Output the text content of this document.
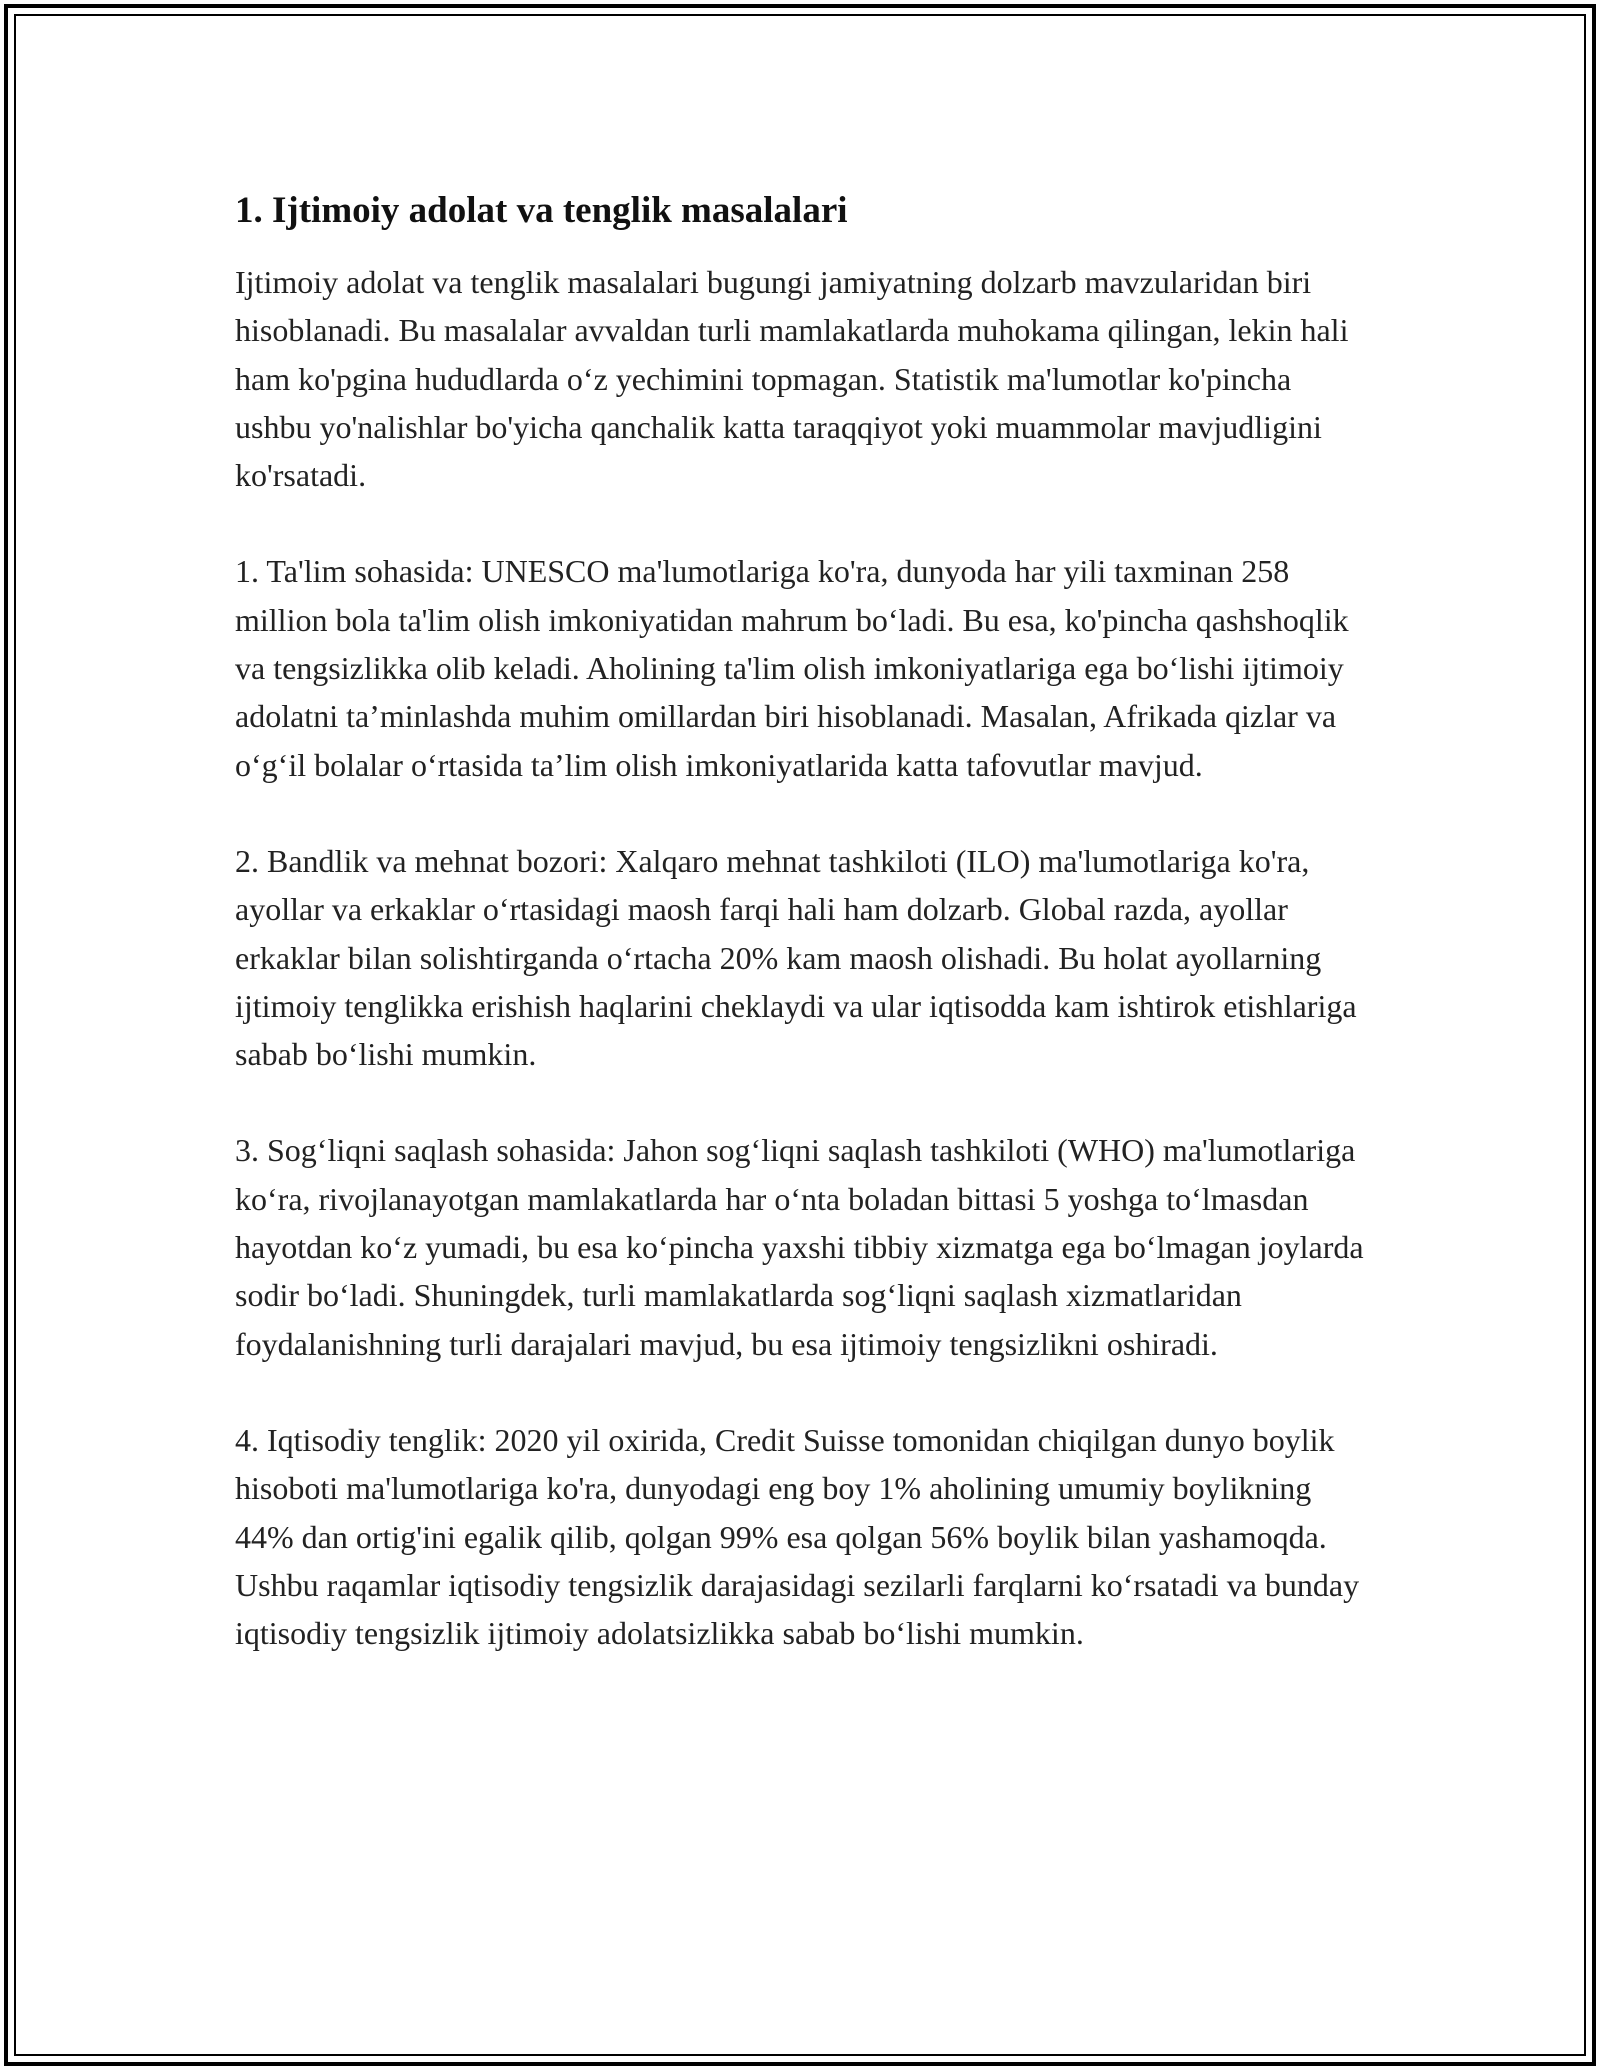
1. Ijtimoiy adolat va tenglik masalalari

Ijtimoiy adolat va tenglik masalalari bugungi jamiyatning dolzarb mavzularidan biri hisoblanadi. Bu masalalar avvaldan turli mamlakatlarda muhokama qilingan, lekin hali ham ko'pgina hududlarda oʻz yechimini topmagan. Statistik ma'lumotlar ko'pincha ushbu yo'nalishlar bo'yicha qanchalik katta taraqqiyot yoki muammolar mavjudligini ko'rsatadi.

1. Ta'lim sohasida: UNESCO ma'lumotlariga ko'ra, dunyoda har yili taxminan 258 million bola ta'lim olish imkoniyatidan mahrum boʻladi. Bu esa, ko'pincha qashshoqlik va tengsizlikka olib keladi. Aholining ta'lim olish imkoniyatlariga ega boʻlishi ijtimoiy adolatni taʼminlashda muhim omillardan biri hisoblanadi. Masalan, Afrikada qizlar va oʻgʻil bolalar oʻrtasida taʼlim olish imkoniyatlarida katta tafovutlar mavjud.

2. Bandlik va mehnat bozori: Xalqaro mehnat tashkiloti (ILO) ma'lumotlariga ko'ra, ayollar va erkaklar oʻrtasidagi maosh farqi hali ham dolzarb. Global razda, ayollar erkaklar bilan solishtirganda oʻrtacha 20% kam maosh olishadi. Bu holat ayollarning ijtimoiy tenglikka erishish haqlarini cheklaydi va ular iqtisodda kam ishtirok etishlariga sabab boʻlishi mumkin.

3. Sogʻliqni saqlash sohasida: Jahon sogʻliqni saqlash tashkiloti (WHO) ma'lumotlariga koʻra, rivojlanayotgan mamlakatlarda har oʻnta boladan bittasi 5 yoshga toʻlmasdan hayotdan koʻz yumadi, bu esa koʻpincha yaxshi tibbiy xizmatga ega boʻlmagan joylarda sodir boʻladi. Shuningdek, turli mamlakatlarda sogʻliqni saqlash xizmatlaridan foydalanishning turli darajalari mavjud, bu esa ijtimoiy tengsizlikni oshiradi.

4. Iqtisodiy tenglik: 2020 yil oxirida, Credit Suisse tomonidan chiqilgan dunyo boylik hisoboti ma'lumotlariga ko'ra, dunyodagi eng boy 1% aholining umumiy boylikning 44% dan ortig'ini egalik qilib, qolgan 99% esa qolgan 56% boylik bilan yashamoqda. Ushbu raqamlar iqtisodiy tengsizlik darajasidagi sezilarli farqlarni koʻrsatadi va bunday iqtisodiy tengsizlik ijtimoiy adolatsizlikka sabab boʻlishi mumkin.
